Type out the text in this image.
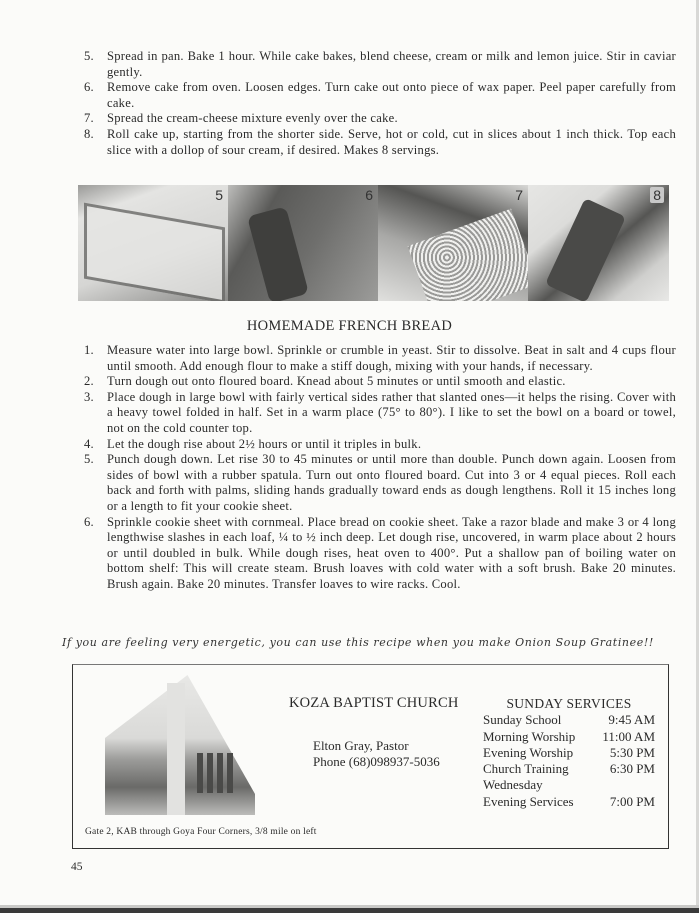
5.	Spread in pan. Bake 1 hour. While cake bakes, blend cheese, cream or milk and lemon juice. Stir in caviar gently.
6.	Remove cake from oven. Loosen edges. Turn cake out onto piece of wax paper. Peel paper carefully from cake.
7.	Spread the cream-cheese mixture evenly over the cake.
8.	Roll cake up, starting from the shorter side. Serve, hot or cold, cut in slices about 1 inch thick. Top each slice with a dollop of sour cream, if desired. Makes 8 servings.
5	6	7	8
HOMEMADE FRENCH BREAD
1.	Measure water into large bowl. Sprinkle or crumble in yeast. Stir to dissolve. Beat in salt and 4 cups flour until smooth. Add enough flour to make a stiff dough, mixing with your hands, if necessary.
2.	Turn dough out onto floured board. Knead about 5 minutes or until smooth and elastic.
3.	Place dough in large bowl with fairly vertical sides rather that slanted ones—it helps the rising. Cover with a heavy towel folded in half. Set in a warm place (75° to 80°). I like to set the bowl on a board or towel, not on the cold counter top.
4.	Let the dough rise about 2½ hours or until it triples in bulk.
5.	Punch dough down. Let rise 30 to 45 minutes or until more than double. Punch down again. Loosen from sides of bowl with a rubber spatula. Turn out onto floured board. Cut into 3 or 4 equal pieces. Roll each back and forth with palms, sliding hands gradually toward ends as dough lengthens. Roll it 15 inches long or a length to fit your cookie sheet.
6.	Sprinkle cookie sheet with cornmeal. Place bread on cookie sheet. Take a razor blade and make 3 or 4 long lengthwise slashes in each loaf, ¼ to ½ inch deep. Let dough rise, uncovered, in warm place about 2 hours or until doubled in bulk. While dough rises, heat oven to 400°. Put a shallow pan of boiling water on bottom shelf: This will create steam. Brush loaves with cold water with a soft brush. Bake 20 minutes. Brush again. Bake 20 minutes. Transfer loaves to wire racks. Cool.
If you are feeling very energetic, you can use this recipe when you make Onion Soup Gratinee!!
KOZA BAPTIST CHURCH
Elton Gray, Pastor
Phone (68)098937-5036
SUNDAY SERVICES
Sunday School	9:45 AM
Morning Worship 11:00 AM
Evening Worship	5:30 PM
Church Training	6:30 PM
Wednesday
Evening Services	7:00 PM
Gate 2, KAB through Goya Four Corners, 3/8 mile on left
45
